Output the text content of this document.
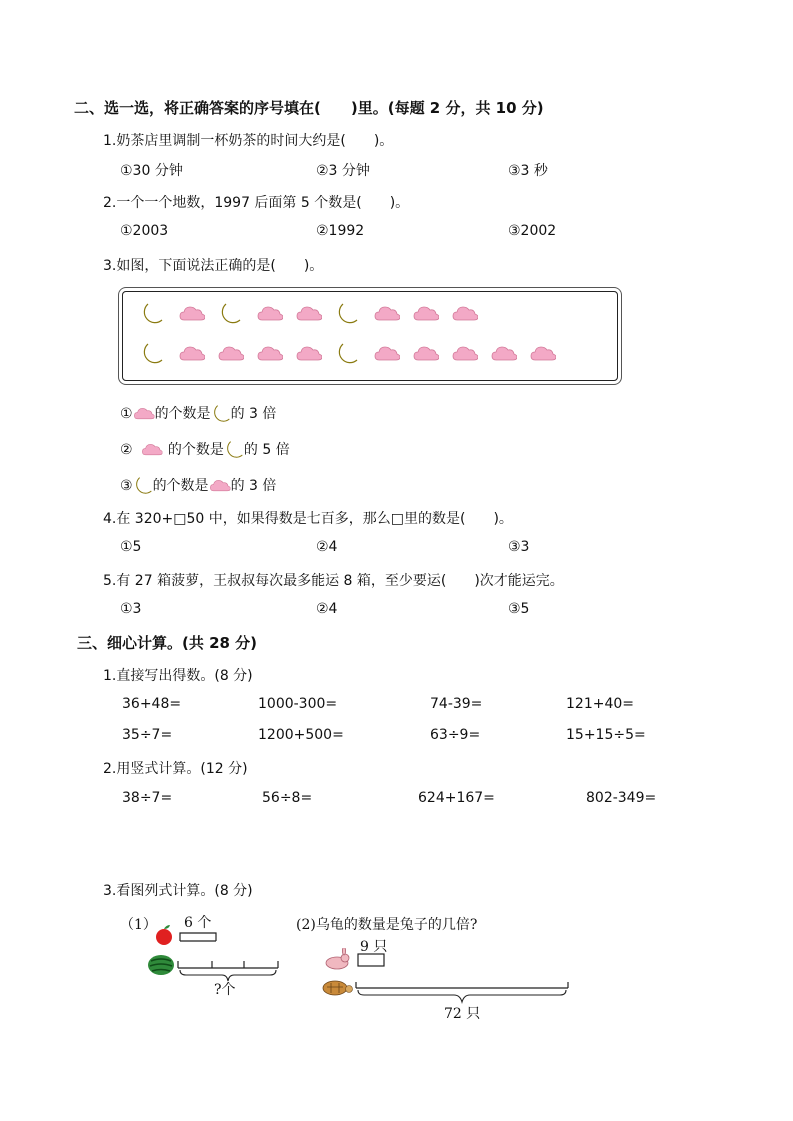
二、选一选，将正确答案的序号填在(　　)里。(每题 2 分，共 10 分)
1.奶茶店里调制一杯奶茶的时间大约是(　　)。
①30 分钟	②3 分钟	③3 秒
2.一个一个地数，1997 后面第 5 个数是(　　)。
①2003	②1992	③2002
3.如图，下面说法正确的是(　　)。
① 的个数是 的 3 倍
②	的个数是 的 5 倍
③ 的个数是 的 3 倍
4.在 320+□50 中，如果得数是七百多，那么□里的数是(　　)。
①5	②4	③3
5.有 27 箱菠萝，王叔叔每次最多能运 8 箱，至少要运(　　)次才能运完。
①3	②4	③5
三、细心计算。(共 28 分)
1.直接写出得数。(8 分)
36+48=	1000-300=	74-39=	121+40=
35÷7=	1200+500=	63÷9=	15+15÷5=
2.用竖式计算。(12 分)
38÷7=	56÷8=	624+167=	802-349=
3.看图列式计算。(8 分)
（1） 6 个
?个
(2)乌龟的数量是兔子的几倍?
9 只
72 只
